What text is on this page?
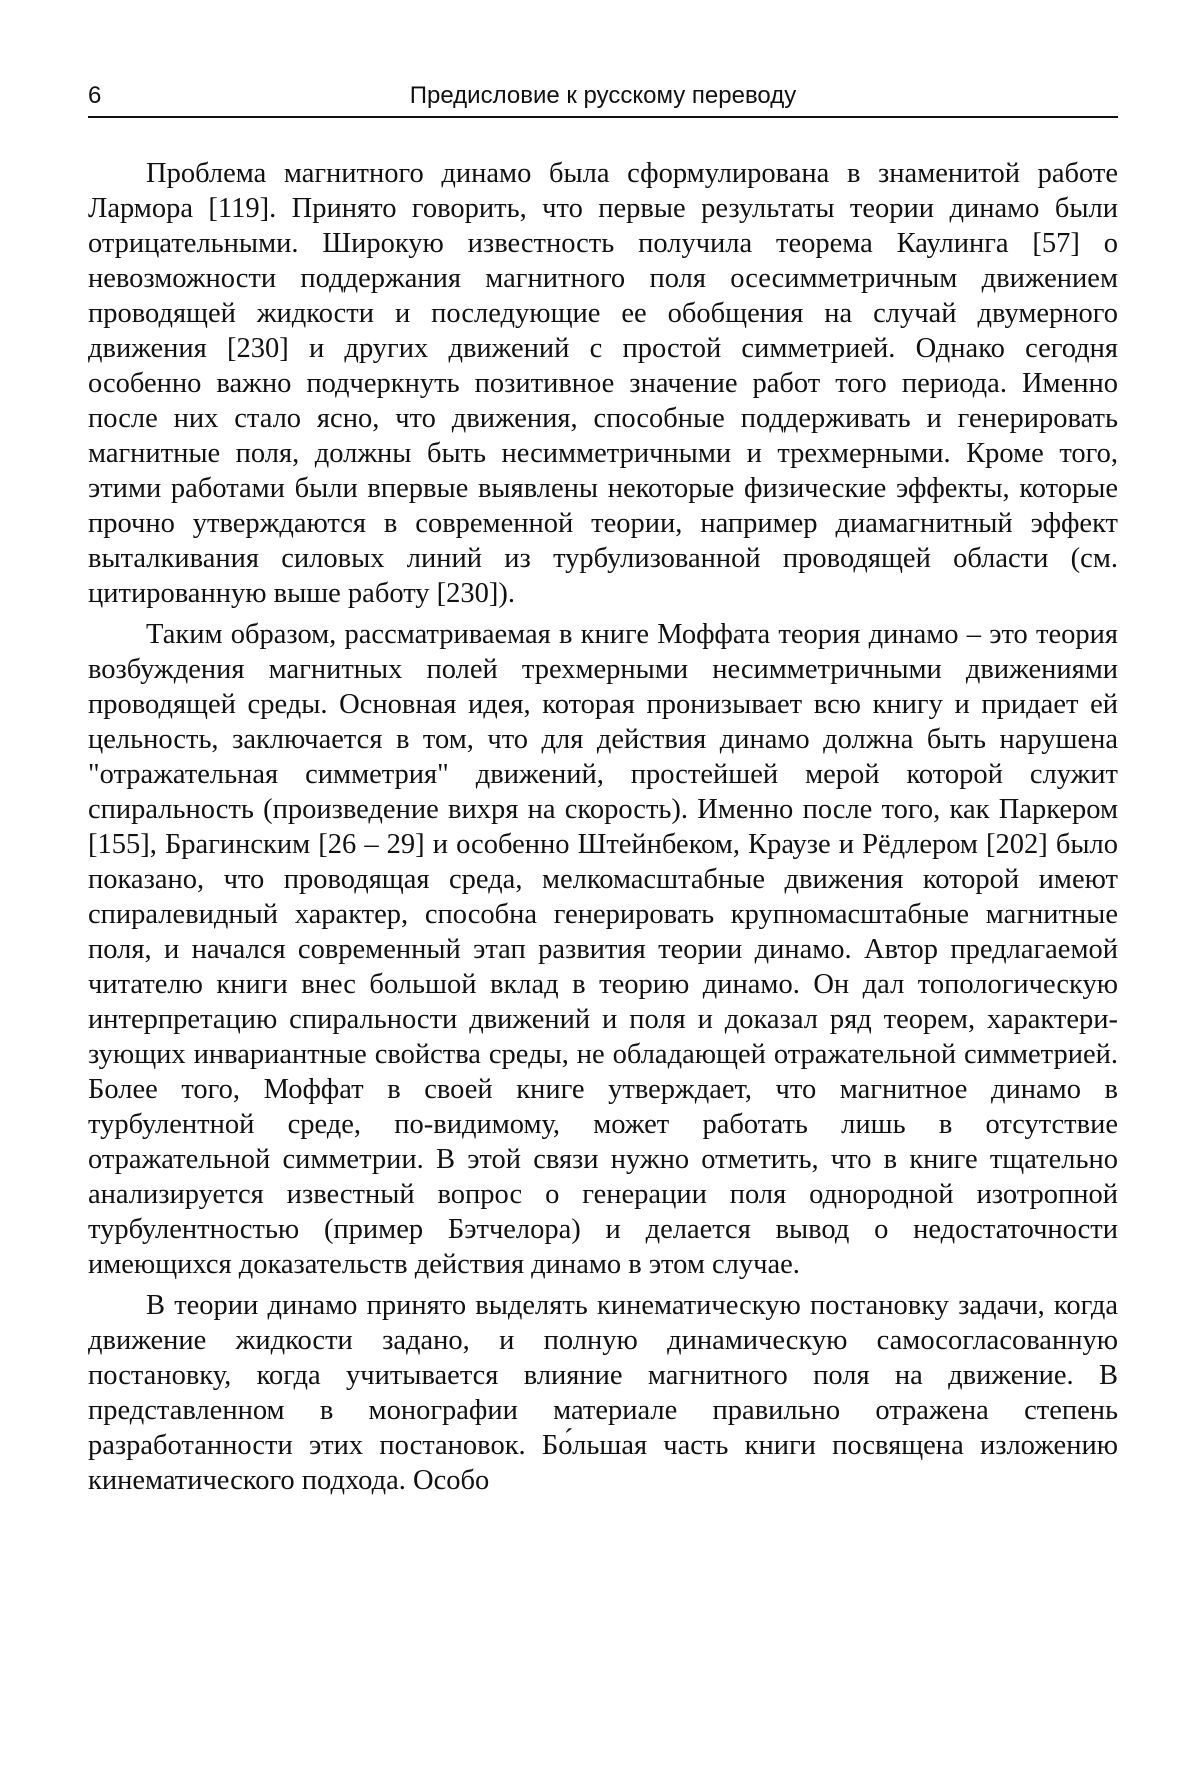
6	Предисловие к русскому переводу

Проблема магнитного динамо была сформулирована в знаменитой работе Лармора [119]. Принято говорить, что первые результаты теории динамо были отрицательными. Широкую известность получила теорема Каулинга [57] о невозможности поддержания магнитного поля осесимметричным движением проводящей жидкости и последующие ее обобщения на случай двумерного движения [230] и других движений с простой симметрией. Однако сегодня особенно важно подчеркнуть позитивное значение работ того периода. Именно после них стало ясно, что движения, способные поддерживать и генерировать магнитные поля, должны быть несимметричными и трехмерными. Кроме того, этими работами были впервые выявлены некоторые физические эффекты, которые прочно утверждаются в современной теории, например диамагнитный эффект выталкивания силовых линий из турбулизованной проводящей области (см. цитированную выше работу [230]).

Таким образом, рассматриваемая в книге Моффата теория динамо – это теория возбуждения магнитных полей трехмерными несимметричными движениями проводящей среды. Основная идея, которая пронизывает всю книгу и придает ей цельность, заключается в том, что для действия динамо должна быть нарушена "отражательная симметрия" движений, простейшей мерой которой служит спиральность (произведение вихря на скорость). Именно после того, как Паркером [155], Брагинским [26 – 29] и особенно Штейнбеком, Краузе и Рёдлером [202] было показано, что проводящая среда, мелкомасштабные движения которой имеют спиралевидный характер, способна генерировать крупномасштабные магнитные поля, и начался современный этап развития теории динамо. Автор предлагаемой читателю книги внес большой вклад в теорию динамо. Он дал топологическую интерпретацию спиральности движений и поля и доказал ряд теорем, характеризующих инвариантные свойства среды, не обладающей отражательной симметрией. Более того, Моффат в своей книге утверждает, что магнитное динамо в турбулентной среде, по-видимому, может работать лишь в отсутствие отражательной симметрии. В этой связи нужно отметить, что в книге тщательно анализируется известный вопрос о генерации поля однородной изотропной турбулентностью (пример Бэтчелора) и делается вывод о недостаточности имеющихся доказательств действия динамо в этом случае.

В теории динамо принято выделять кинематическую постановку задачи, когда движение жидкости задано, и полную динамическую самосогласованную постановку, когда учитывается влияние магнитного поля на движение. В представленном в монографии материале правильно отражена степень разработанности этих постановок. Бо́льшая часть книги посвящена изложению кинематического подхода. Особо
